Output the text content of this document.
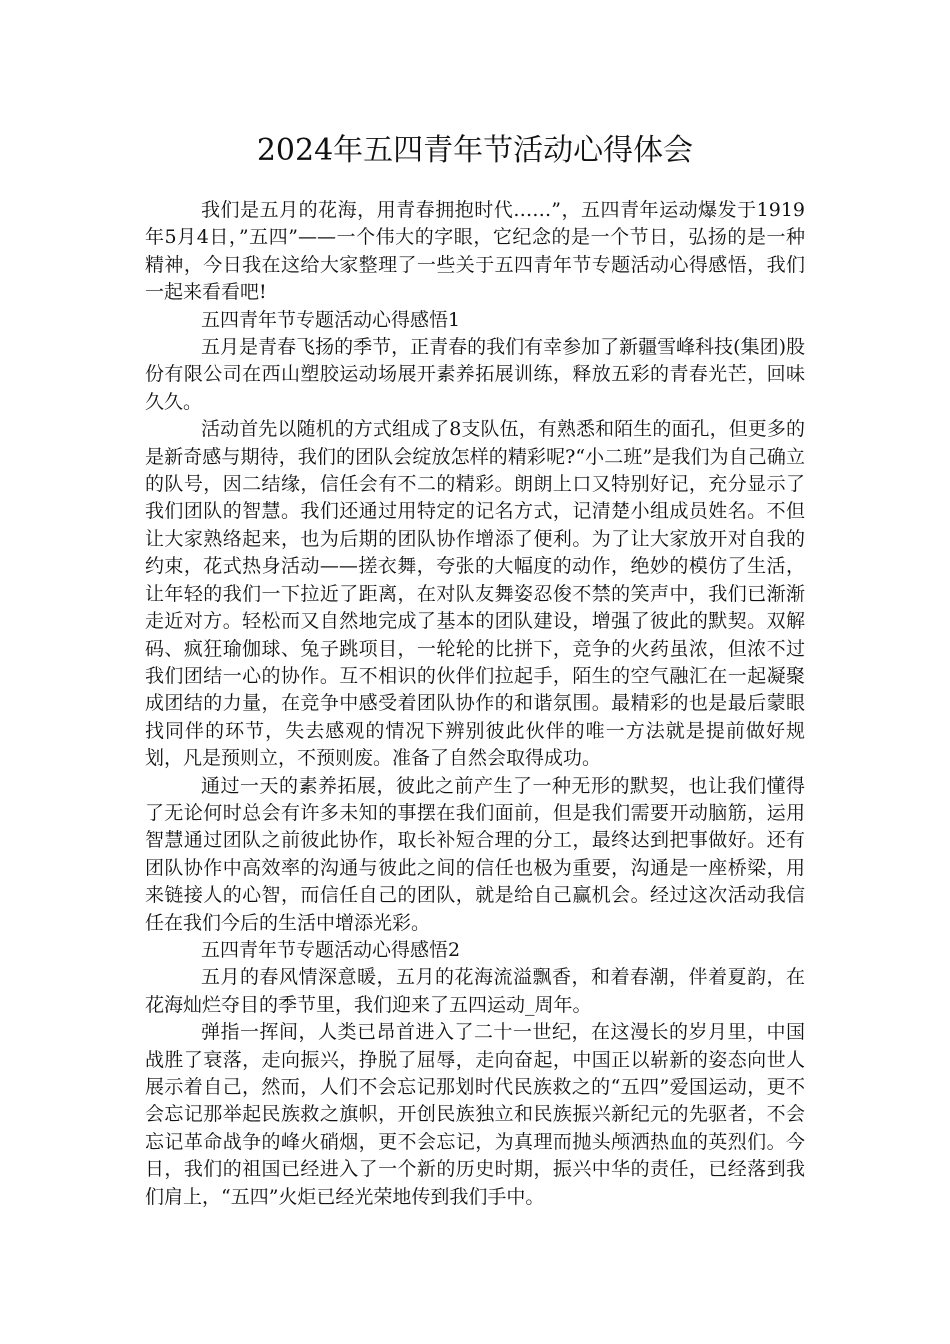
2024年五四青年节活动心得体会

我们是五月的花海，用青春拥抱时代……”，五四青年运动爆发于1919年5月4日，”五四”——一个伟大的字眼，它纪念的是一个节日，弘扬的是一种精神，今日我在这给大家整理了一些关于五四青年节专题活动心得感悟，我们一起来看看吧!

五四青年节专题活动心得感悟1

五月是青春飞扬的季节，正青春的我们有幸参加了新疆雪峰科技(集团)股份有限公司在西山塑胶运动场展开素养拓展训练，释放五彩的青春光芒，回味久久。

活动首先以随机的方式组成了8支队伍，有熟悉和陌生的面孔，但更多的是新奇感与期待，我们的团队会绽放怎样的精彩呢?“小二班”是我们为自己确立的队号，因二结缘，信任会有不二的精彩。朗朗上口又特别好记，充分显示了我们团队的智慧。我们还通过用特定的记名方式，记清楚小组成员姓名。不但让大家熟络起来，也为后期的团队协作增添了便利。为了让大家放开对自我的约束，花式热身活动——搓衣舞，夸张的大幅度的动作，绝妙的模仿了生活，让年轻的我们一下拉近了距离，在对队友舞姿忍俊不禁的笑声中，我们已渐渐走近对方。轻松而又自然地完成了基本的团队建设，增强了彼此的默契。双解码、疯狂瑜伽球、兔子跳项目，一轮轮的比拼下，竞争的火药虽浓，但浓不过我们团结一心的协作。互不相识的伙伴们拉起手，陌生的空气融汇在一起凝聚成团结的力量，在竞争中感受着团队协作的和谐氛围。最精彩的也是最后蒙眼找同伴的环节，失去感观的情况下辨别彼此伙伴的唯一方法就是提前做好规划，凡是预则立，不预则废。准备了自然会取得成功。

通过一天的素养拓展，彼此之前产生了一种无形的默契，也让我们懂得了无论何时总会有许多未知的事摆在我们面前，但是我们需要开动脑筋，运用智慧通过团队之前彼此协作，取长补短合理的分工，最终达到把事做好。还有团队协作中高效率的沟通与彼此之间的信任也极为重要，沟通是一座桥梁，用来链接人的心智，而信任自己的团队，就是给自己赢机会。经过这次活动我信任在我们今后的生活中增添光彩。

五四青年节专题活动心得感悟2

五月的春风情深意暖，五月的花海流溢飘香，和着春潮，伴着夏韵，在花海灿烂夺目的季节里，我们迎来了五四运动_周年。

弹指一挥间，人类已昂首进入了二十一世纪，在这漫长的岁月里，中国战胜了衰落，走向振兴，挣脱了屈辱，走向奋起，中国正以崭新的姿态向世人展示着自己，然而，人们不会忘记那划时代民族救之的“五四”爱国运动，更不会忘记那举起民族救之旗帜，开创民族独立和民族振兴新纪元的先驱者，不会忘记革命战争的峰火硝烟，更不会忘记，为真理而抛头颅洒热血的英烈们。今日，我们的祖国已经进入了一个新的历史时期，振兴中华的责任，已经落到我们肩上，“五四”火炬已经光荣地传到我们手中。
